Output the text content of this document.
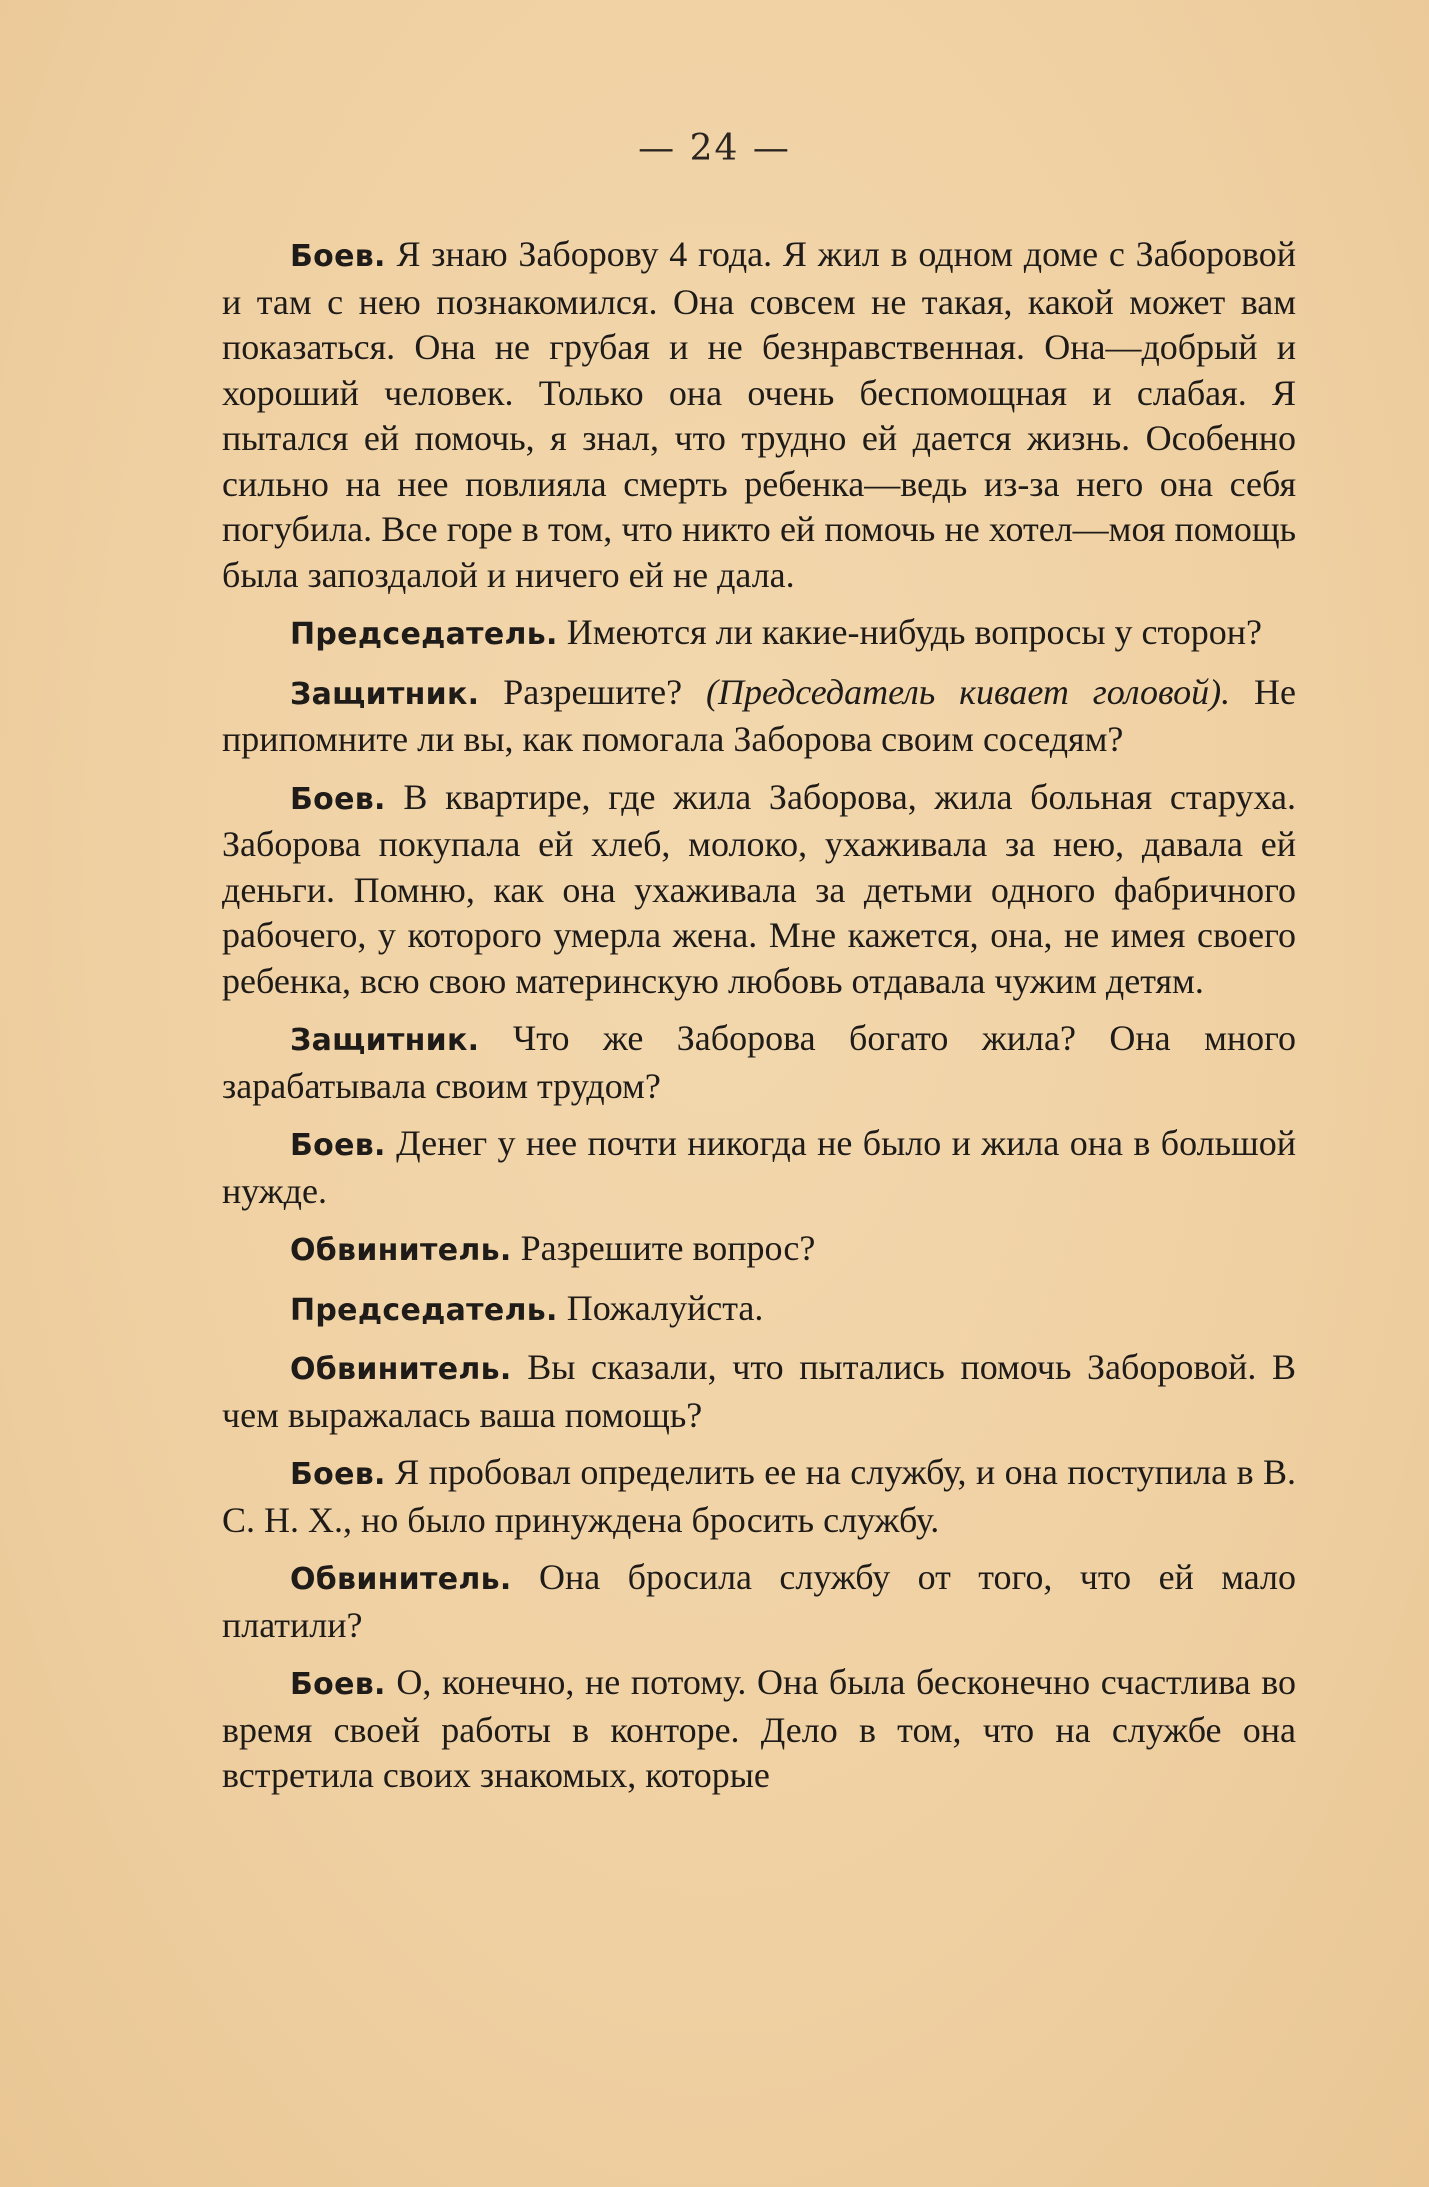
— 24 —

Боев. Я знаю Заборову 4 года. Я жил в одном доме с Заборовой и там с нею познакомился. Она совсем не такая, какой может вам показаться. Она не грубая и не безнравственная. Она—добрый и хороший человек. Только она очень беспомощная и слабая. Я пытался ей помочь, я знал, что трудно ей дается жизнь. Особенно сильно на нее повлияла смерть ребенка—ведь из-за него она себя погубила. Все горе в том, что никто ей помочь не хотел—моя помощь была запоздалой и ничего ей не дала.

Председатель. Имеются ли какие-нибудь вопросы у сторон?

Защитник. Разрешите? (Председатель кивает головой). Не припомните ли вы, как помогала Заборова своим соседям?

Боев. В квартире, где жила Заборова, жила больная старуха. Заборова покупала ей хлеб, молоко, ухаживала за нею, давала ей деньги. Помню, как она ухаживала за детьми одного фабричного рабочего, у которого умерла жена. Мне кажется, она, не имея своего ребенка, всю свою материнскую любовь отдавала чужим детям.

Защитник. Что же Заборова богато жила? Она много зарабатывала своим трудом?

Боев. Денег у нее почти никогда не было и жила она в большой нужде.

Обвинитель. Разрешите вопрос?

Председатель. Пожалуйста.

Обвинитель. Вы сказали, что пытались помочь Заборовой. В чем выражалась ваша помощь?

Боев. Я пробовал определить ее на службу, и она поступила в В. С. Н. Х., но было принуждена бросить службу.

Обвинитель. Она бросила службу от того, что ей мало платили?

Боев. О, конечно, не потому. Она была бесконечно счастлива во время своей работы в конторе. Дело в том, что на службе она встретила своих знакомых, которые
